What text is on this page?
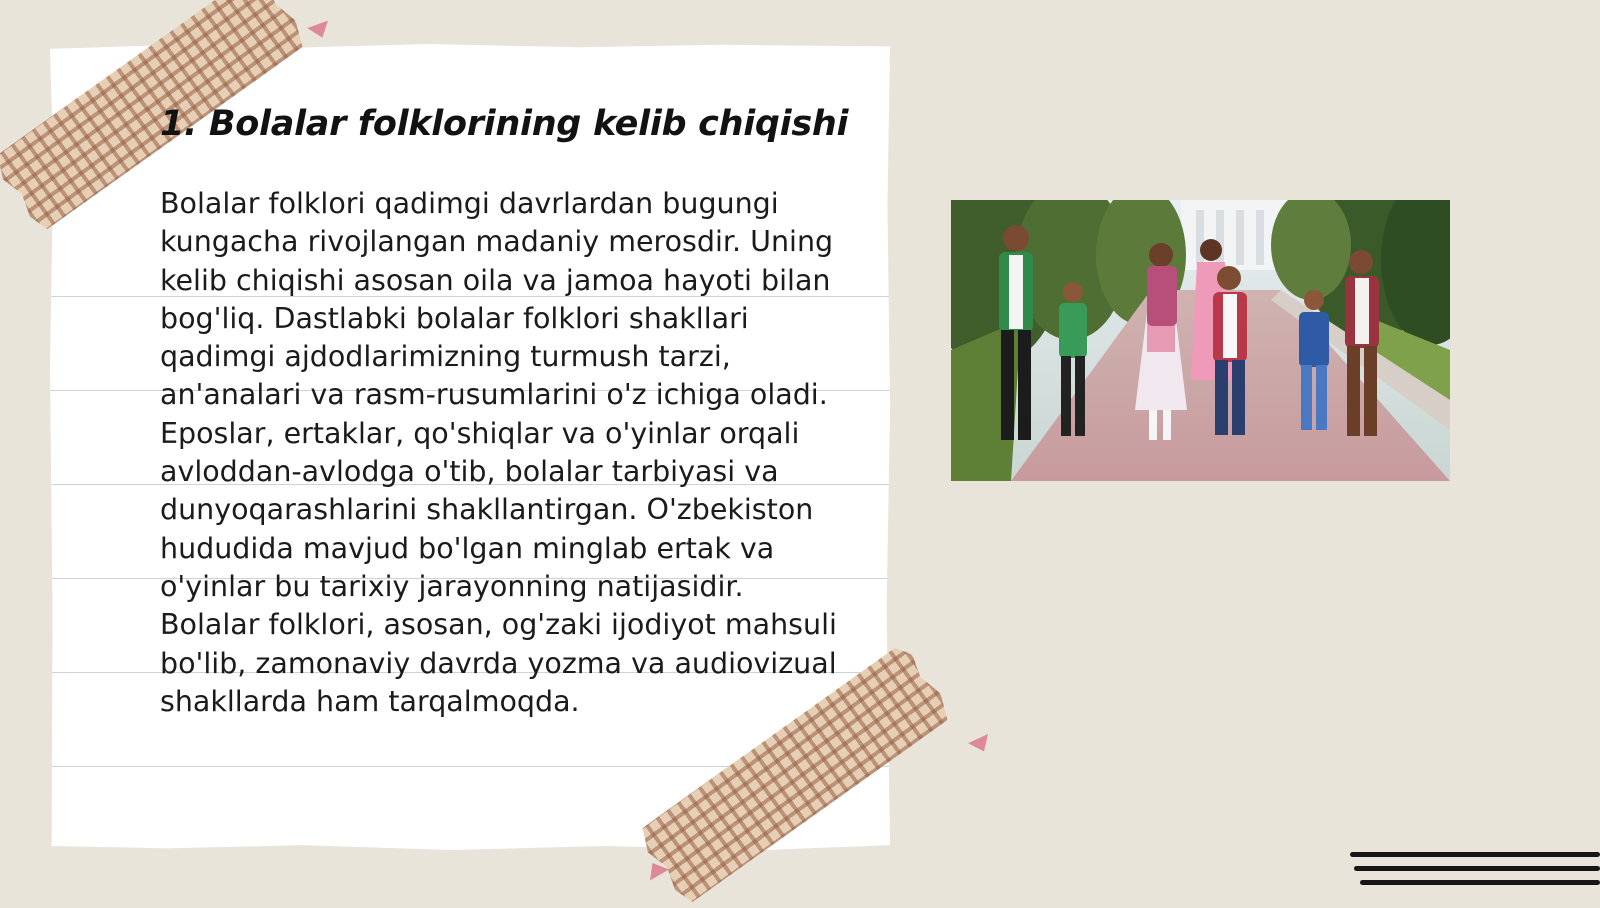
1. Bolalar folklorining kelib chiqishi

Bolalar folklori qadimgi davrlardan bugungi kungacha rivojlangan madaniy merosdir. Uning kelib chiqishi asosan oila va jamoa hayoti bilan bog'liq. Dastlabki bolalar folklori shakllari qadimgi ajdodlarimizning turmush tarzi, an'analari va rasm-rusumlarini o'z ichiga oladi. Eposlar, ertaklar, qo'shiqlar va o'yinlar orqali avloddan-avlodga o'tib, bolalar tarbiyasi va dunyoqarashlarini shakllantirgan. O'zbekiston hududida mavjud bo'lgan minglab ertak va o'yinlar bu tarixiy jarayonning natijasidir. Bolalar folklori, asosan, og'zaki ijodiyot mahsuli bo'lib, zamonaviy davrda yozma va audiovizual shakllarda ham tarqalmoqda.
